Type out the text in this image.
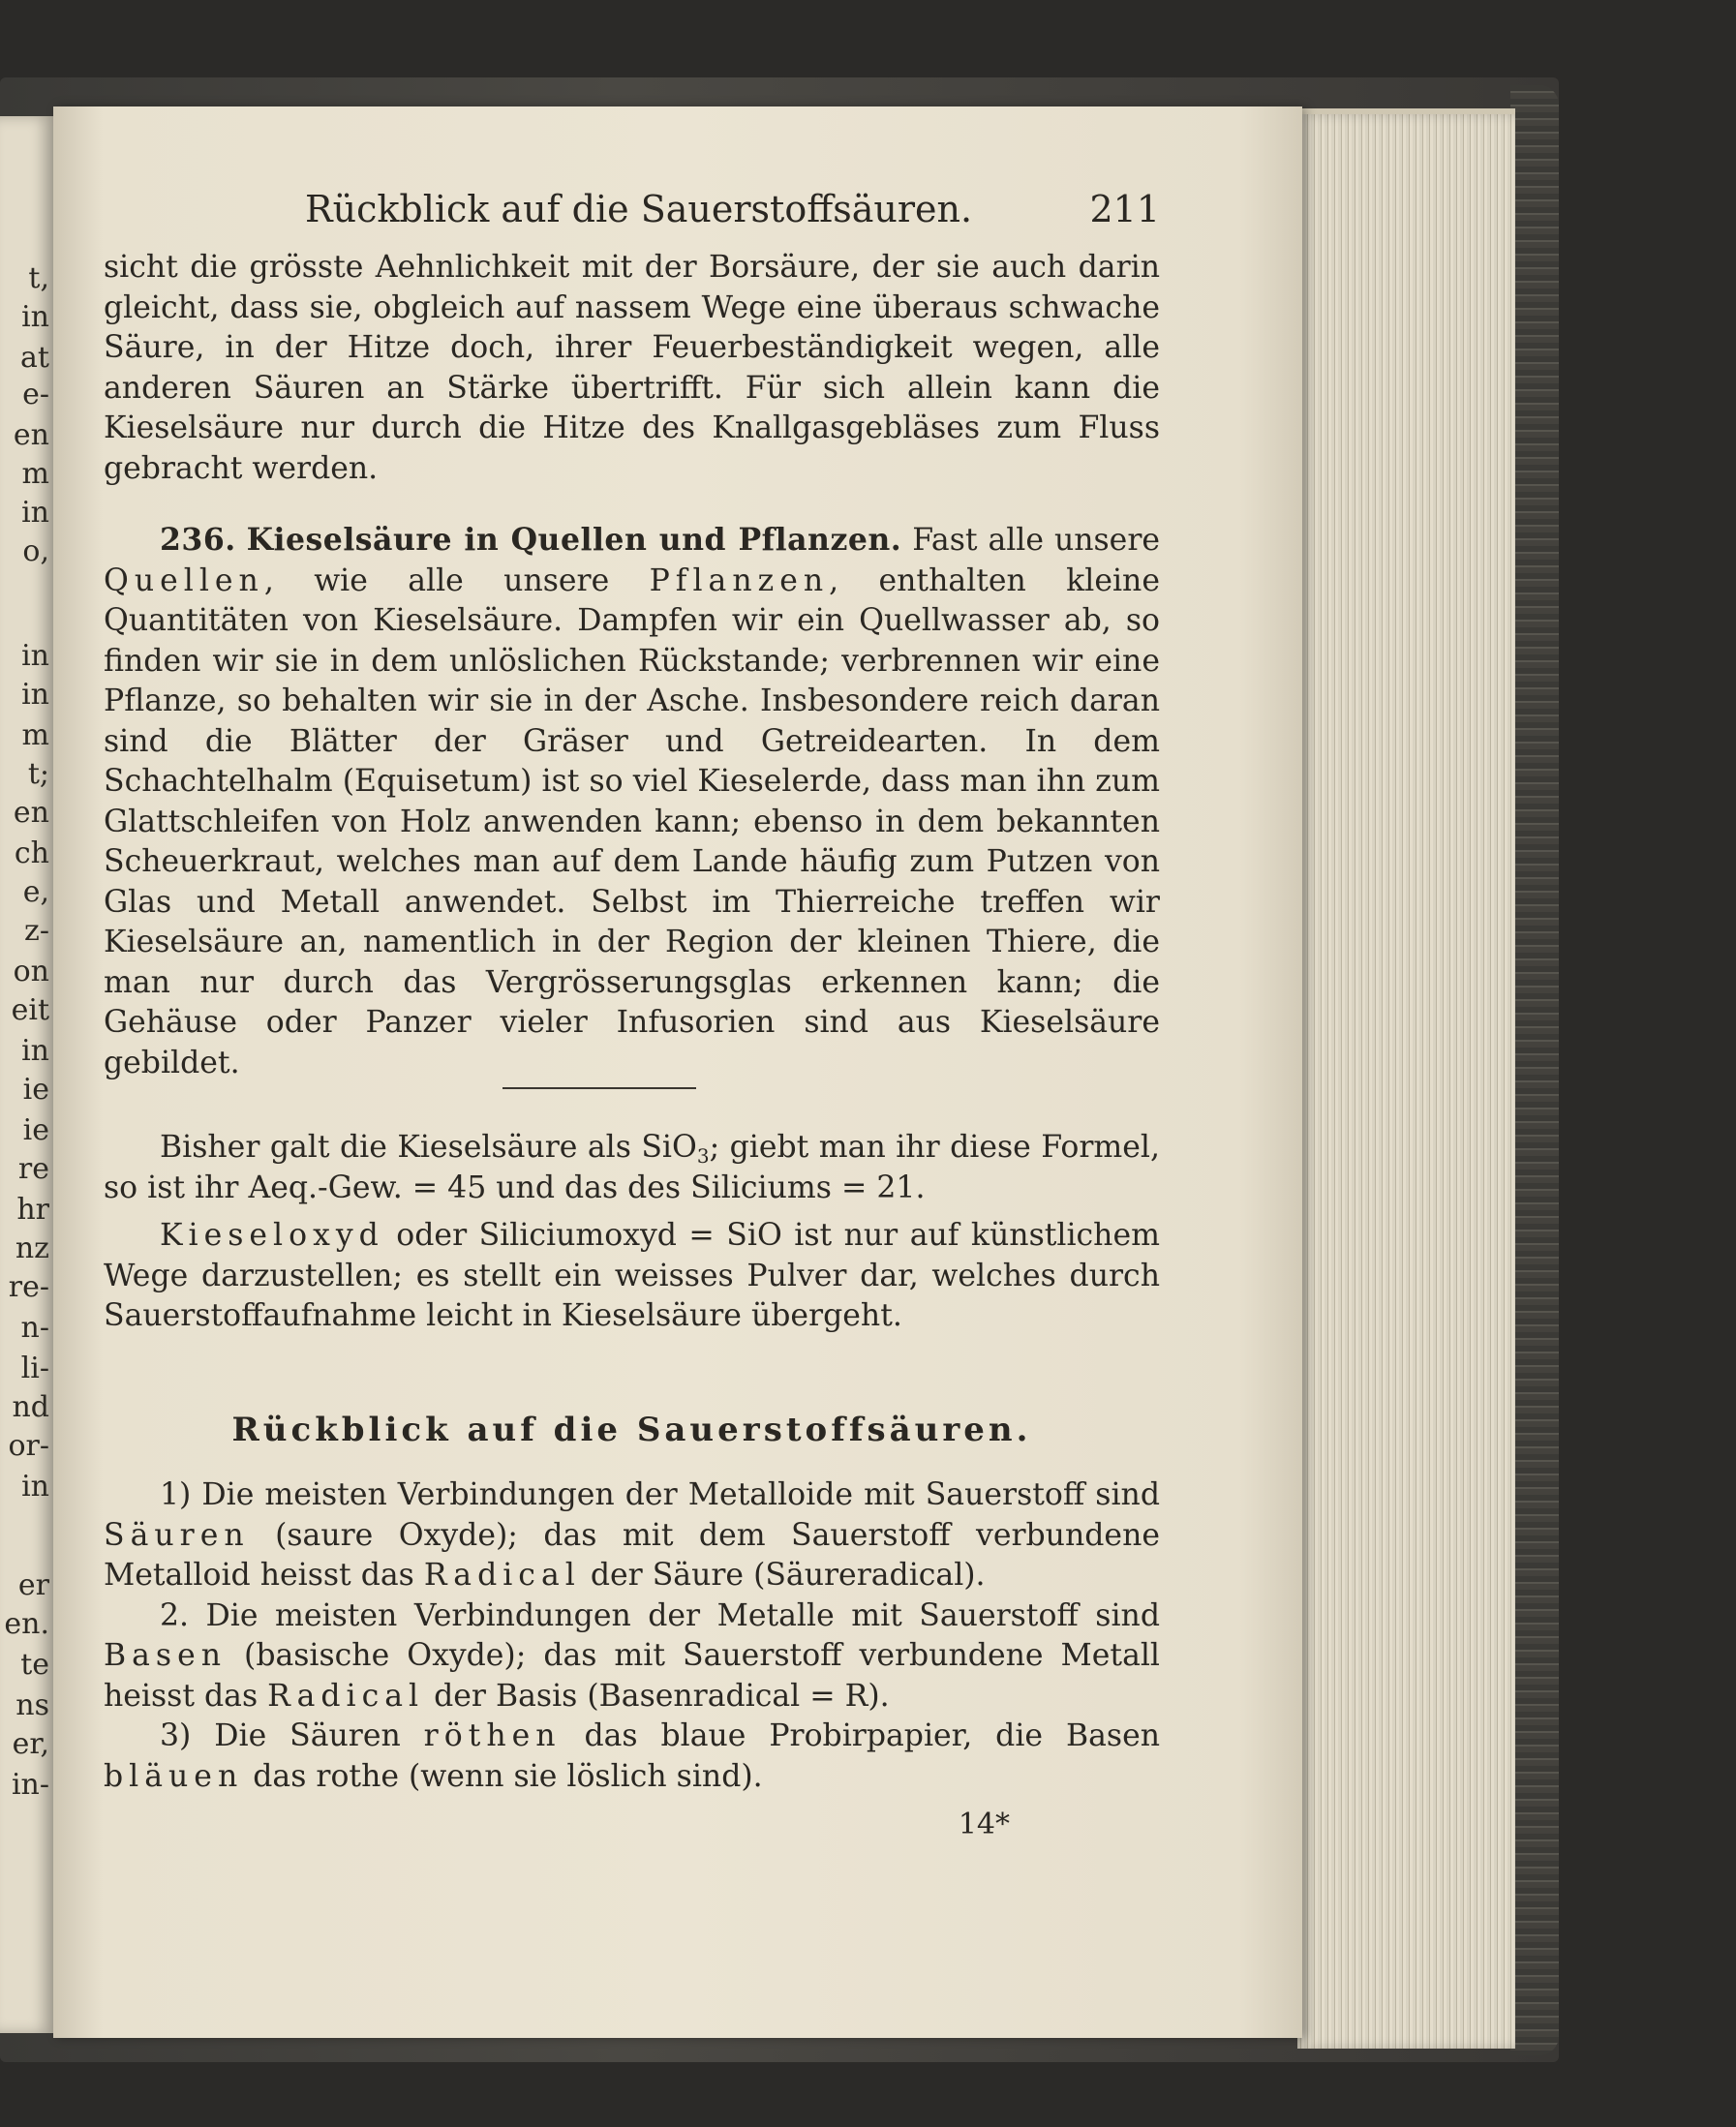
t,
in
at
e-
en
m
in
o,
in
in
m
t;
en
ch
e,
z-
on
eit
in
ie
ie
re
hr
nz
re-
n-
li-
nd
or-
in
er
en.
te
ns
er,
in-
Rückblick auf die Sauerstoffsäuren.	211

sicht die grösste Aehnlichkeit mit der Borsäure, der sie auch darin gleicht, dass sie, obgleich auf nassem Wege eine überaus schwache Säure, in der Hitze doch, ihrer Feuerbeständigkeit wegen, alle anderen Säuren an Stärke übertrifft. Für sich allein kann die Kieselsäure nur durch die Hitze des Knallgasgebläses zum Fluss gebracht werden.

236. Kieselsäure in Quellen und Pflanzen. Fast alle unsere Quellen, wie alle unsere Pflanzen, enthalten kleine Quantitäten von Kieselsäure. Dampfen wir ein Quellwasser ab, so finden wir sie in dem unlöslichen Rückstande; verbrennen wir eine Pflanze, so behalten wir sie in der Asche. Insbesondere reich daran sind die Blätter der Gräser und Getreidearten. In dem Schachtelhalm (Equisetum) ist so viel Kieselerde, dass man ihn zum Glattschleifen von Holz anwenden kann; ebenso in dem bekannten Scheuerkraut, welches man auf dem Lande häufig zum Putzen von Glas und Metall anwendet. Selbst im Thierreiche treffen wir Kieselsäure an, namentlich in der Region der kleinen Thiere, die man nur durch das Vergrösserungsglas erkennen kann; die Gehäuse oder Panzer vieler Infusorien sind aus Kieselsäure gebildet.

Bisher galt die Kieselsäure als SiO$_3$; giebt man ihr diese Formel, so ist ihr Aeq.-Gew. = 45 und das des Siliciums = 21.

Kieseloxyd oder Siliciumoxyd = SiO ist nur auf künstlichem Wege darzustellen; es stellt ein weisses Pulver dar, welches durch Sauerstoffaufnahme leicht in Kieselsäure übergeht.

Rückblick auf die Sauerstoffsäuren.

1) Die meisten Verbindungen der Metalloide mit Sauerstoff sind Säuren (saure Oxyde); das mit dem Sauerstoff verbundene Metalloid heisst das Radical der Säure (Säureradical).

2. Die meisten Verbindungen der Metalle mit Sauerstoff sind Basen (basische Oxyde); das mit Sauerstoff verbundene Metall heisst das Radical der Basis (Basenradical = R).

3) Die Säuren röthen das blaue Probirpapier, die Basen bläuen das rothe (wenn sie löslich sind).

14*
